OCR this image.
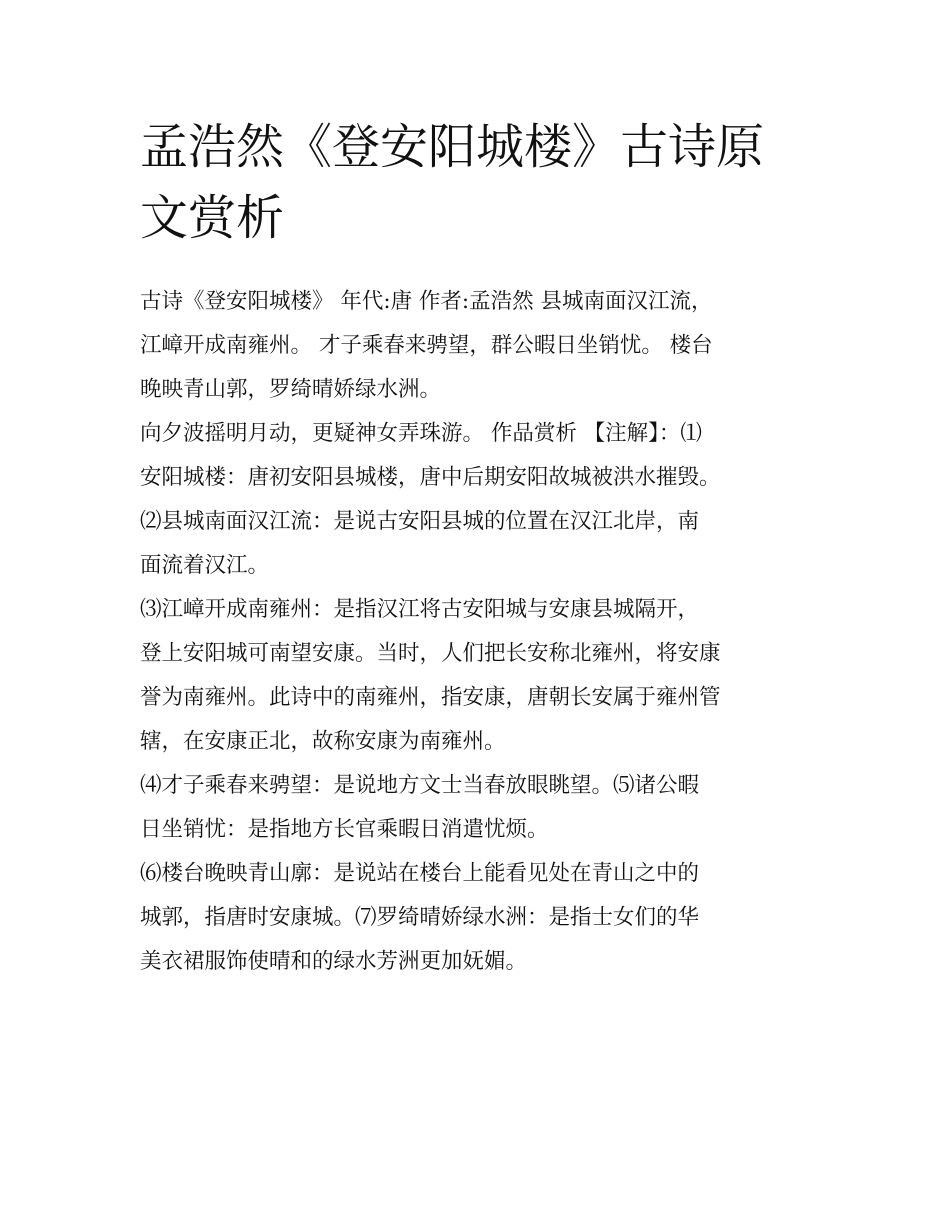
孟浩然《登安阳城楼》古诗原
文赏析
古诗《登安阳城楼》 年代:唐 作者:孟浩然 县城南面汉江流，
江嶂开成南雍州。 才子乘春来骋望，群公暇日坐销忧。 楼台
晚映青山郭，罗绮晴娇绿水洲。
向夕波摇明月动，更疑神女弄珠游。 作品赏析 【注解】：⑴
安阳城楼：唐初安阳县城楼，唐中后期安阳故城被洪水摧毁。
⑵县城南面汉江流：是说古安阳县城的位置在汉江北岸，南
面流着汉江。
⑶江嶂开成南雍州：是指汉江将古安阳城与安康县城隔开，
登上安阳城可南望安康。当时，人们把长安称北雍州，将安康
誉为南雍州。此诗中的南雍州，指安康，唐朝长安属于雍州管
辖，在安康正北，故称安康为南雍州。
⑷才子乘春来骋望：是说地方文士当春放眼眺望。⑸诸公暇
日坐销忧：是指地方长官乘暇日消遣忧烦。
⑹楼台晚映青山廓：是说站在楼台上能看见处在青山之中的
城郭，指唐时安康城。⑺罗绮晴娇绿水洲：是指士女们的华
美衣裙服饰使晴和的绿水芳洲更加妩媚。
